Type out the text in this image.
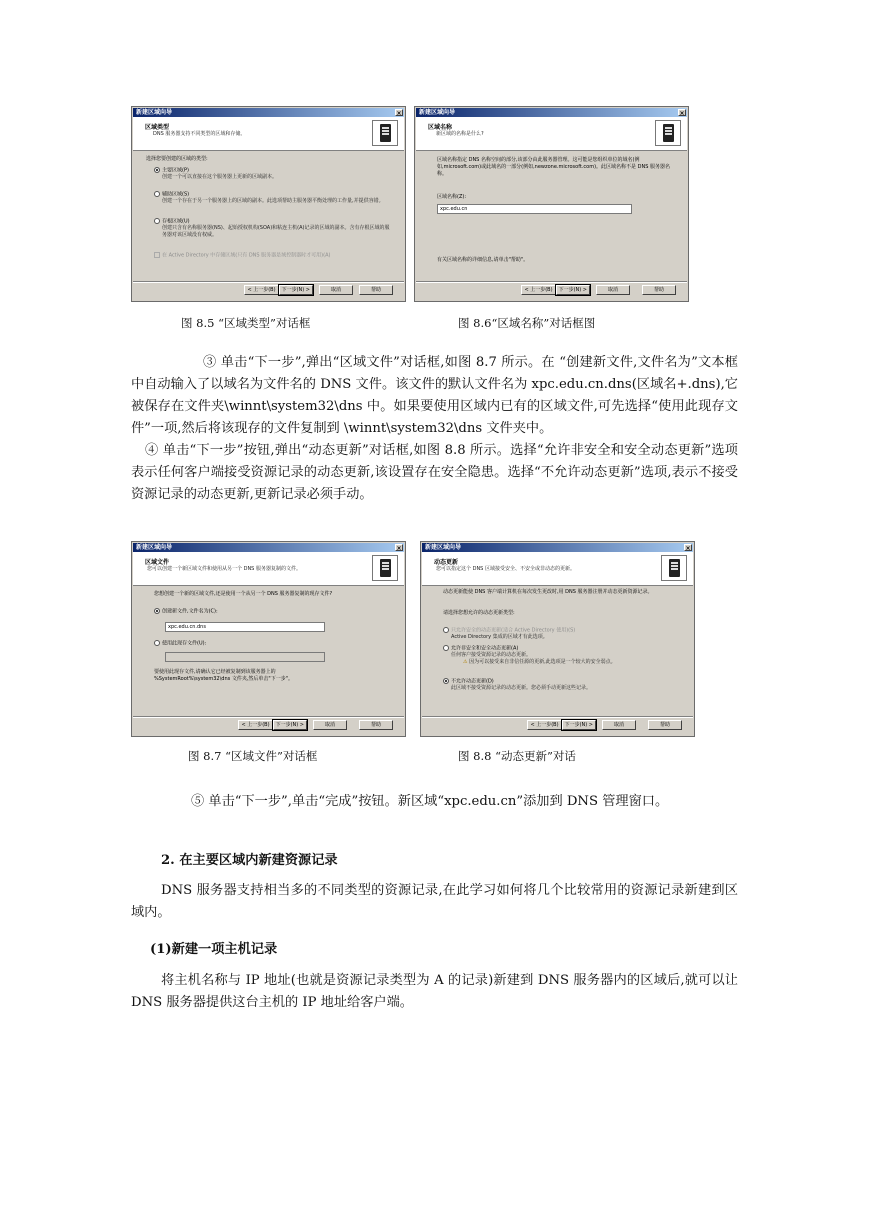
新建区域向导	×
区域类型
DNS 服务器支持不同类型的区域和存储。
选择您要创建的区域的类型:
主要区域(P)
创建一个可以直接在这个服务器上更新的区域副本。
辅助区域(S)
创建一个存在于另一个服务器上的区域的副本。此选项帮助主服务器平衡处理的工作量,并提供容错。
存根区域(U)
创建只含有名称服务器(NS)、起始授权机构(SOA)和粘连主机(A)记录的区域的副本。含有存根区域的服务器对该区域没有权威。
在 Active Directory 中存储区域(只有 DNS 服务器是域控制器时才可用)(A)
< 上一步(B) 下一步(N) >	取消	帮助
新建区域向导	×
区域名称
新区域的名称是什么?
区域名称指定 DNS 名称空间的部分,该部分由此服务器管理。这可能是您组织单位的域名(例如,microsoft.com)或此域名的一部分(例如,newzone.microsoft.com)。此区域名称不是 DNS 服务器名称。
区域名称(Z):
xpc.edu.cn
有关区域名称的详细信息,请单击"帮助"。
< 上一步(B) 下一步(N) >	取消	帮助
图 8.5 “区域类型”对话框	图 8.6“区域名称”对话框图
③ 单击“下一步”,弹出“区域文件”对话框,如图 8.7 所示。在 “创建新文件,文件名为”文本框中自动输入了以域名为文件名的 DNS 文件。该文件的默认文件名为 xpc.edu.cn.dns(区域名+.dns),它被保存在文件夹\winnt\system32\dns 中。如果要使用区域内已有的区域文件,可先选择“使用此现存文件”一项,然后将该现存的文件复制到 \winnt\system32\dns 文件夹中。
④ 单击“下一步”按钮,弹出“动态更新”对话框,如图 8.8 所示。选择“允许非安全和安全动态更新”选项表示任何客户端接受资源记录的动态更新,该设置存在安全隐患。选择“不允许动态更新”选项,表示不接受资源记录的动态更新,更新记录必须手动。
新建区域向导	×
区域文件
您可以创建一个新区域文件和使用从另一个 DNS 服务器复制的文件。
您想创建一个新的区域文件,还是使用一个从另一个 DNS 服务器复制的现存文件?
创建新文件,文件名为(C):
xpc.edu.cn.dns
使用此现存文件(U):
要使用此现存文件,请确认它已经被复制到该服务器上的 %SystemRoot%\system32\dns 文件夹,然后单击"下一步"。
< 上一步(B) 下一步(N) >	取消	帮助
新建区域向导	×
动态更新
您可以指定这个 DNS 区域接受安全、不安全或非动态的更新。
动态更新能使 DNS 客户端计算机在每次发生更改时,用 DNS 服务器注册并动态更新资源记录。
请选择您想允许的动态更新类型:
只允许安全的动态更新(适合 Active Directory 使用)(S)
Active Directory 集成的区域才有此选项。
允许非安全和安全动态更新(A)
任何客户接受资源记录的动态更新。
⚠ 因为可以接受来自非信任源的更新,此选项是一个较大的安全弱点。
不允许动态更新(D)
此区域不接受资源记录的动态更新。您必须手动更新这些记录。
< 上一步(B) 下一步(N) >	取消	帮助
图 8.7 “区域文件”对话框	图 8.8 “动态更新”对话
⑤ 单击“下一步”,单击“完成”按钮。新区域“xpc.edu.cn”添加到 DNS 管理窗口。
2. 在主要区域内新建资源记录
DNS 服务器支持相当多的不同类型的资源记录,在此学习如何将几个比较常用的资源记录新建到区域内。
(1)新建一项主机记录
将主机名称与 IP 地址(也就是资源记录类型为 A 的记录)新建到 DNS 服务器内的区域后,就可以让 DNS 服务器提供这台主机的 IP 地址给客户端。
